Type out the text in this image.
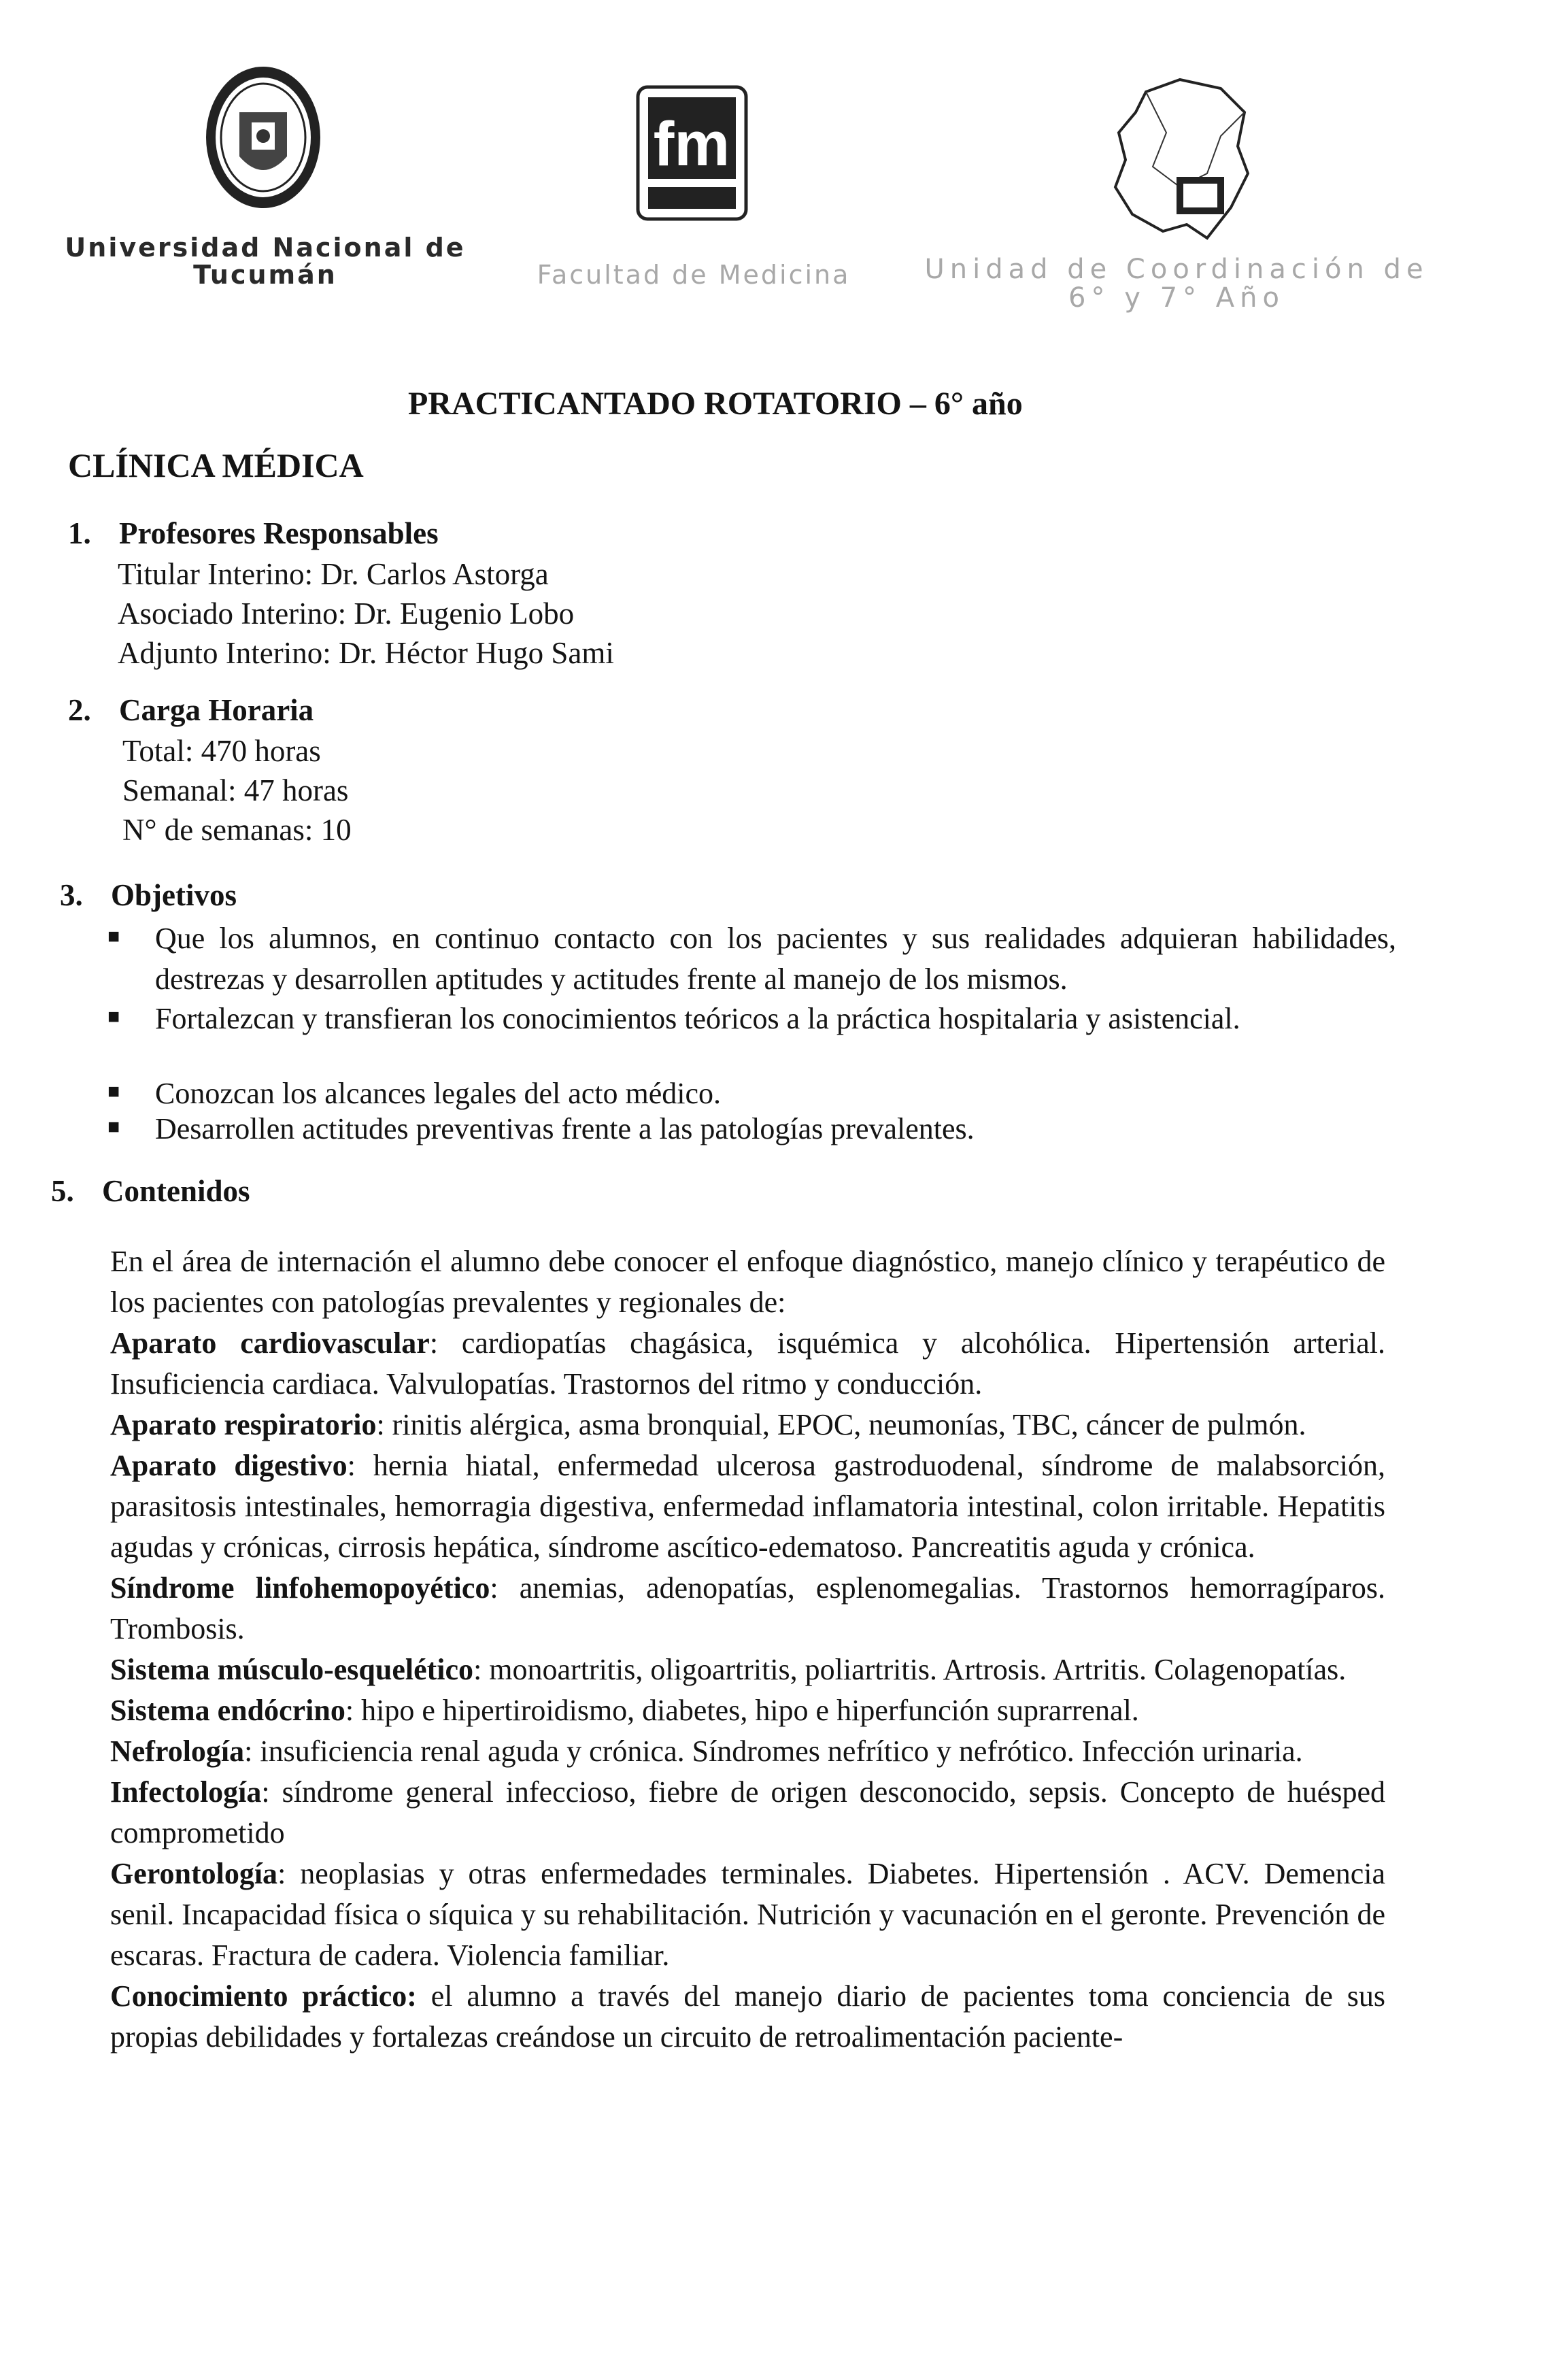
Universidad Nacional de Tucumán
fm
Facultad de Medicina	Unidad de Coordinación de 6° y 7° Año
PRACTICANTADO ROTATORIO – 6° año
CLÍNICA MÉDICA
1. Profesores Responsables
Titular Interino: Dr. Carlos Astorga
Asociado Interino: Dr. Eugenio Lobo
Adjunto Interino: Dr. Héctor Hugo Sami
2. Carga Horaria
Total: 470 horas
Semanal: 47 horas
N° de semanas: 10
3. Objetivos
■ Que los alumnos, en continuo contacto con los pacientes y sus realidades adquieran habilidades, destrezas y desarrollen aptitudes y actitudes frente al manejo de los mismos.
■ Fortalezcan y transfieran los conocimientos teóricos a la práctica hospitalaria y asistencial.
■ Conozcan los alcances legales del acto médico.
■ Desarrollen actitudes preventivas frente a las patologías prevalentes.
5. Contenidos

En el área de internación el alumno debe conocer el enfoque diagnóstico, manejo clínico y terapéutico de los pacientes con patologías prevalentes y regionales de:

Aparato cardiovascular: cardiopatías chagásica, isquémica y alcohólica. Hipertensión arterial. Insuficiencia cardiaca. Valvulopatías. Trastornos del ritmo y conducción.

Aparato respiratorio: rinitis alérgica, asma bronquial, EPOC, neumonías, TBC, cáncer de pulmón.

Aparato digestivo: hernia hiatal, enfermedad ulcerosa gastroduodenal, síndrome de malabsorción, parasitosis intestinales, hemorragia digestiva, enfermedad inflamatoria intestinal, colon irritable. Hepatitis agudas y crónicas, cirrosis hepática, síndrome ascítico-edematoso. Pancreatitis aguda y crónica.

Síndrome linfohemopoyético: anemias, adenopatías, esplenomegalias. Trastornos hemorragíparos. Trombosis.

Sistema músculo-esquelético: monoartritis, oligoartritis, poliartritis. Artrosis. Artritis. Colagenopatías.

Sistema endócrino: hipo e hipertiroidismo, diabetes, hipo e hiperfunción suprarrenal.

Nefrología: insuficiencia renal aguda y crónica. Síndromes nefrítico y nefrótico. Infección urinaria.

Infectología: síndrome general infeccioso, fiebre de origen desconocido, sepsis. Concepto de huésped comprometido

Gerontología: neoplasias y otras enfermedades terminales. Diabetes. Hipertensión . ACV. Demencia senil. Incapacidad física o síquica y su rehabilitación. Nutrición y vacunación en el geronte. Prevención de escaras. Fractura de cadera. Violencia familiar.

Conocimiento práctico: el alumno a través del manejo diario de pacientes toma conciencia de sus propias debilidades y fortalezas creándose un circuito de retroalimentación paciente-
